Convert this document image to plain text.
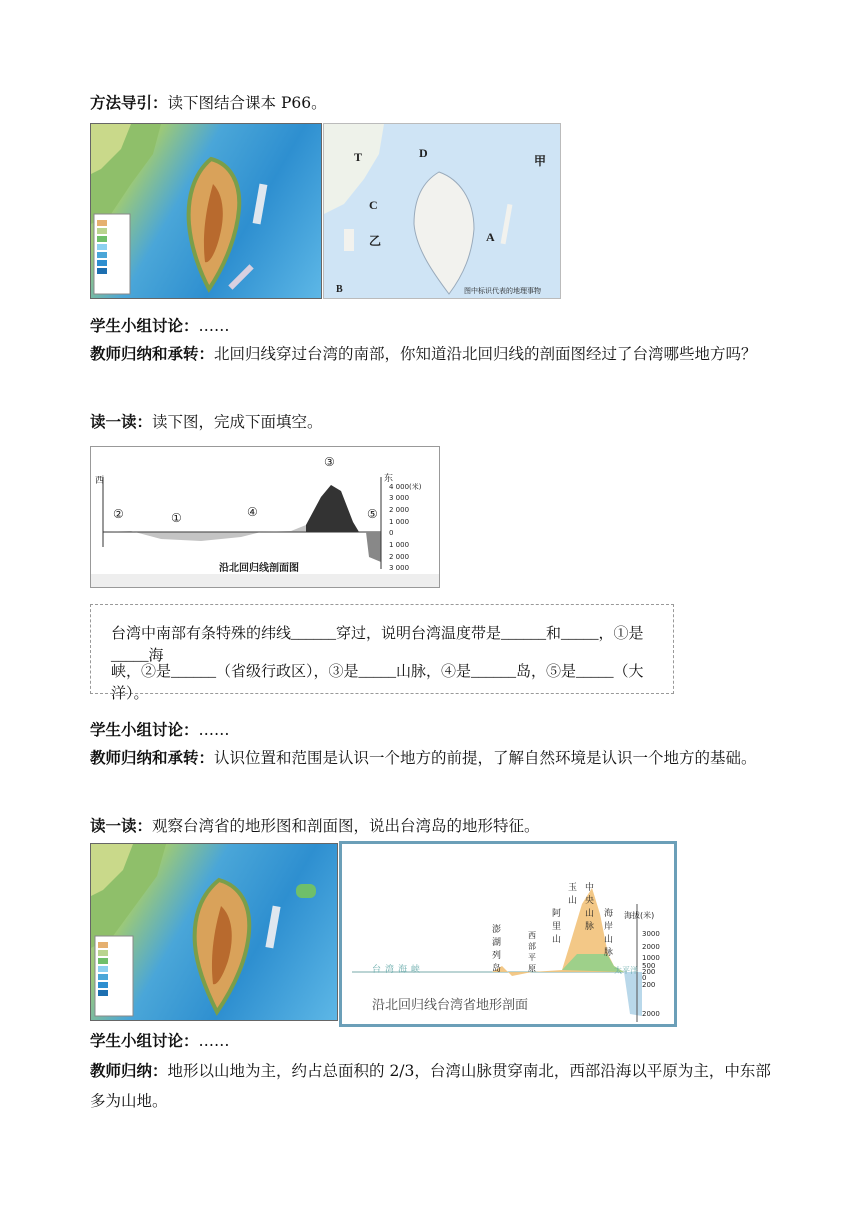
方法导引：读下图结合课本 P66。
T	D
甲
C
乙	A
B	图中标识代表的地理事物
学生小组讨论：……
教师归纳和承转：北回归线穿过台湾的南部，你知道沿北回归线的剖面图经过了台湾哪些地方吗？
读一读：读下图，完成下面填空。
西	东
①
②
③
④	⑤
4 000(米)
3 000
2 000
1 000
0
1 000
2 000
3 000
沿北回归线剖面图
台湾中南部有条特殊的纬线______穿过，说明台湾温度带是______和_____，①是_____海
峡，②是______（省级行政区），③是_____山脉，④是______岛，⑤是_____（大洋）。
学生小组讨论：……
教师归纳和承转：认识位置和范围是认识一个地方的前提，了解自然环境是认识一个地方的基础。
读一读：观察台湾省的地形图和剖面图，说出台湾岛的地形特征。
澎湖列岛
西部平原
阿里山
玉山
中央山脉
海岸山脉
台湾海峡	太平洋
海拔(米)
3000
2000
1000
500
200
0
200
2000
沿北回归线台湾省地形剖面
学生小组讨论：……
教师归纳：地形以山地为主，约占总面积的 2/3，台湾山脉贯穿南北，西部沿海以平原为主，中东部多为山地。
